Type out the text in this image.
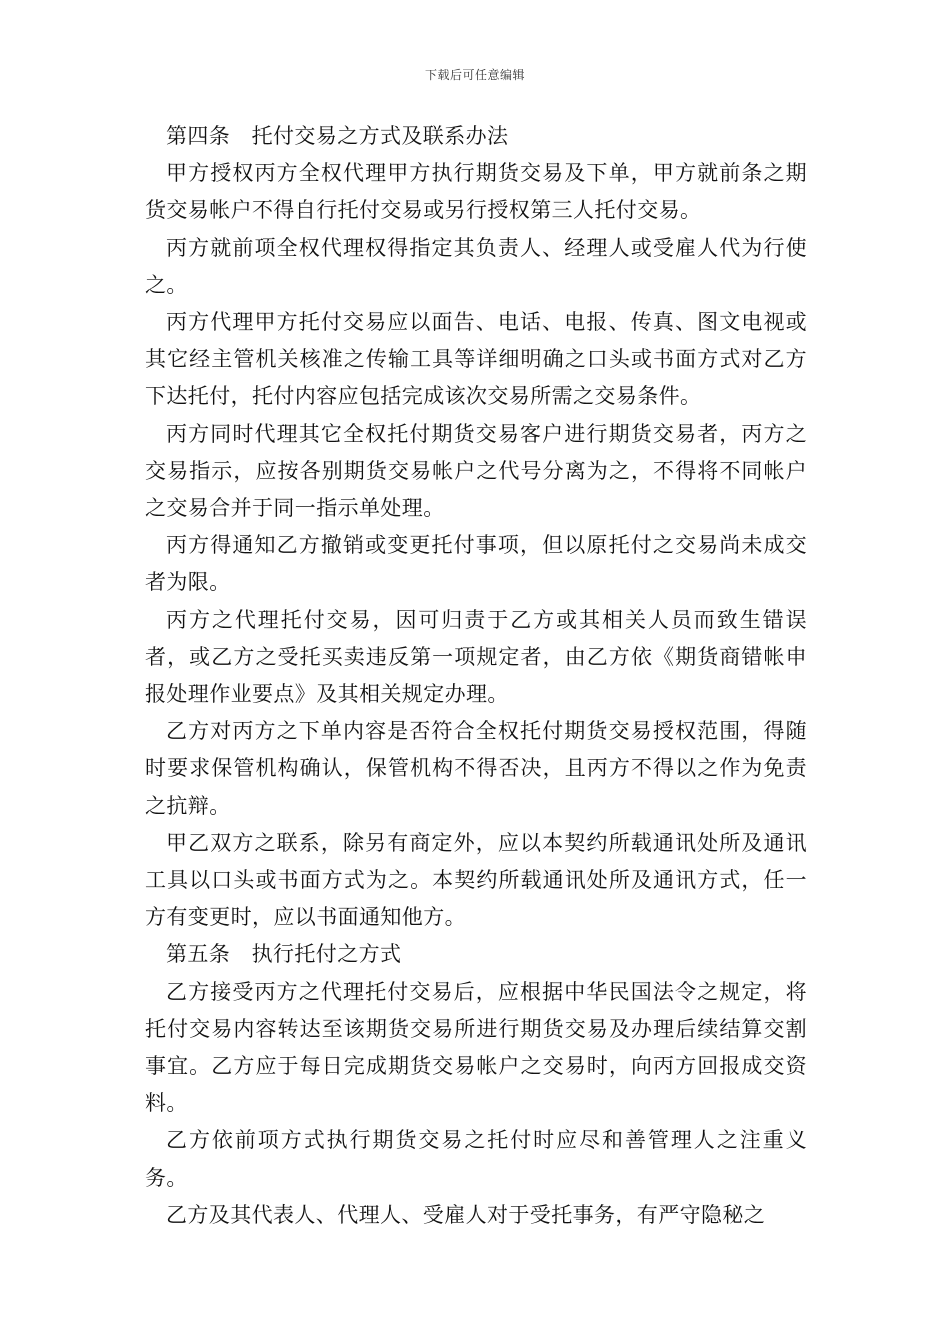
下载后可任意编辑

第四条　托付交易之方式及联系办法

甲方授权丙方全权代理甲方执行期货交易及下单，甲方就前条之期货交易帐户不得自行托付交易或另行授权第三人托付交易。

丙方就前项全权代理权得指定其负责人、经理人或受雇人代为行使之。

丙方代理甲方托付交易应以面告、电话、电报、传真、图文电视或其它经主管机关核准之传输工具等详细明确之口头或书面方式对乙方下达托付，托付内容应包括完成该次交易所需之交易条件。

丙方同时代理其它全权托付期货交易客户进行期货交易者，丙方之交易指示，应按各别期货交易帐户之代号分离为之，不得将不同帐户之交易合并于同一指示单处理。

丙方得通知乙方撤销或变更托付事项，但以原托付之交易尚未成交者为限。

丙方之代理托付交易，因可归责于乙方或其相关人员而致生错误者，或乙方之受托买卖违反第一项规定者，由乙方依《期货商错帐申报处理作业要点》及其相关规定办理。

乙方对丙方之下单内容是否符合全权托付期货交易授权范围，得随时要求保管机构确认，保管机构不得否决，且丙方不得以之作为免责之抗辩。

甲乙双方之联系，除另有商定外，应以本契约所载通讯处所及通讯工具以口头或书面方式为之。本契约所载通讯处所及通讯方式，任一方有变更时，应以书面通知他方。

第五条　执行托付之方式

乙方接受丙方之代理托付交易后，应根据中华民国法令之规定，将托付交易内容转达至该期货交易所进行期货交易及办理后续结算交割事宜。乙方应于每日完成期货交易帐户之交易时，向丙方回报成交资料。

乙方依前项方式执行期货交易之托付时应尽和善管理人之注重义务。

乙方及其代表人、代理人、受雇人对于受托事务，有严守隐秘之
